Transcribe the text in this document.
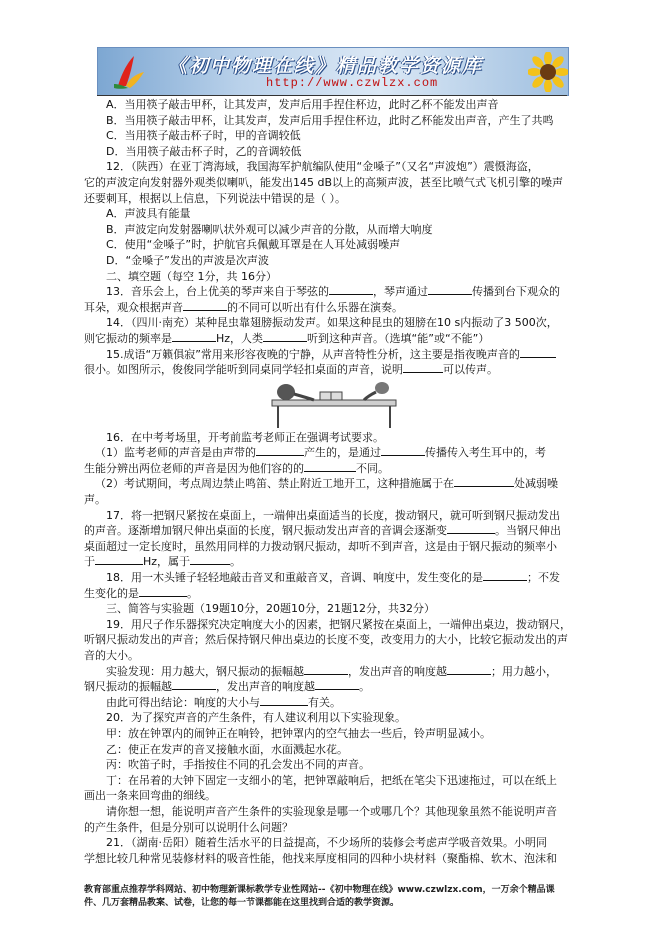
《初中物理在线》精品教学资源库
http://www.czwlzx.com

A．当用筷子敲击甲杯，让其发声，发声后用手捏住杯边，此时乙杯不能发出声音

B．当用筷子敲击甲杯，让其发声，发声后用手捏住杯边，此时乙杯能发出声音，产生了共鸣

C．当用筷子敲击杯子时，甲的音调较低

D．当用筷子敲击杯子时，乙的音调较低

12．（陕西）在亚丁湾海域，我国海军护航编队使用“金嗓子”（又名“声波炮”）震慑海盗，

它的声波定向发射器外观类似喇叭，能发出145 dB以上的高频声波，甚至比喷气式飞机引擎的噪声

还要刺耳，根据以上信息，下列说法中错误的是（ ）。

A．声波具有能量

B．声波定向发射器喇叭状外观可以减少声音的分散，从而增大响度

C．使用“金嗓子”时，护航官兵佩戴耳罩是在人耳处减弱噪声

D．“金嗓子”发出的声波是次声波

二、填空题（每空 1分，共 16分）

13．音乐会上，台上优美的琴声来自于琴弦的	，琴声通过	传播到台下观众的

耳朵，观众根据声音	的不同可以听出有什么乐器在演奏。

14．（四川·南充）某种昆虫靠翅膀振动发声。如果这种昆虫的翅膀在10 s内振动了3 500次，

则它振动的频率是	Hz，人类	听到这种声音。（选填“能”或“不能”）

15.成语“万籁俱寂”常用来形容夜晚的宁静，从声音特性分析，这主要是指夜晚声音的

很小。如图所示，俊俊同学能听到同桌同学轻扣桌面的声音，说明	可以传声。

16．在中考考场里，开考前监考老师正在强调考试要求。

（1）监考老师的声音是由声带的	产生的，是通过	传播传入考生耳中的，考

生能分辨出两位老师的声音是因为他们容的的	不同。

（2）考试期间，考点周边禁止鸣笛、禁止附近工地开工，这种措施属于在	处减弱噪

声。

17．将一把钢尺紧按在桌面上，一端伸出桌面适当的长度，拨动钢尺，就可听到钢尺振动发出

的声音。逐渐增加钢尺伸出桌面的长度，钢尺振动发出声音的音调会逐渐变	。当钢尺伸出

桌面超过一定长度时，虽然用同样的力拨动钢尺振动，却听不到声音，这是由于钢尺振动的频率小

于	Hz，属于	。

18．用一木头锤子轻轻地敲击音叉和重敲音叉，音调、响度中，发生变化的是	；不发

生变化的是	。

三、简答与实验题（19题10分，20题10分，21题12分，共32分）

19．用尺子作乐器探究决定响度大小的因素，把钢尺紧按在桌面上，一端伸出桌边，拨动钢尺，

听钢尺振动发出的声音；然后保持钢尺伸出桌边的长度不变，改变用力的大小，比较它振动发出的声

音的大小。

实验发现：用力越大，钢尺振动的振幅越	，发出声音的响度越	；用力越小，

钢尺振动的振幅越	，发出声音的响度越	。

由此可得出结论：响度的大小与	有关。

20．为了探究声音的产生条件，有人建议利用以下实验现象。

甲：放在钟罩内的闹钟正在响铃，把钟罩内的空气抽去一些后，铃声明显减小。

乙：使正在发声的音叉接触水面，水面溅起水花。

丙：吹笛子时，手指按住不同的孔会发出不同的声音。

丁：在吊着的大钟下固定一支细小的笔，把钟罩敲响后，把纸在笔尖下迅速拖过，可以在纸上

画出一条来回弯曲的细线。

请你想一想，能说明声音产生条件的实验现象是哪一个或哪几个？其他现象虽然不能说明声音

的产生条件，但是分别可以说明什么问题？

21．（湖南·岳阳）随着生活水平的日益提高，不少场所的装修会考虑声学吸音效果。小明同

学想比较几种常见装修材料的吸音性能，他找来厚度相同的四种小块材料（聚酯棉、软木、泡沫和

教育部重点推荐学科网站、初中物理新课标教学专业性网站--《初中物理在线》www.czwlzx.com，一万余个精品课

件、几万套精品教案、试卷，让您的每一节课都能在这里找到合适的教学资源。
